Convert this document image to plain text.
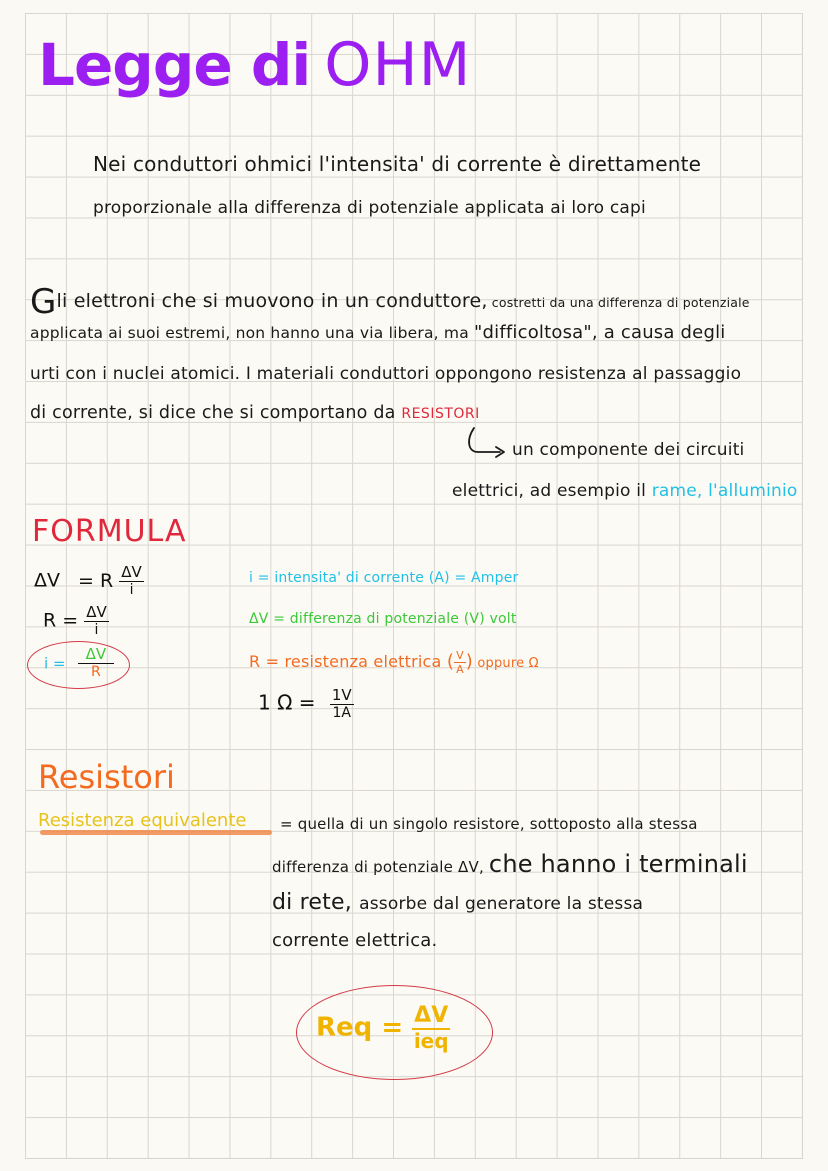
Legge di OHM
Nei conduttori ohmici l'intensita' di corrente è direttamente
proporzionale alla differenza di potenziale applicata ai loro capi
Gli elettroni che si muovono in un conduttore, costretti da una differenza di potenziale
applicata ai suoi estremi, non hanno una via libera, ma "difficoltosa", a causa degli
urti con i nuclei atomici. I materiali conduttori oppongono resistenza al passaggio
di corrente, si dice che si comportano da RESISTORI
un componente dei circuiti
elettrici, ad esempio il rame, l'alluminio
FORMULA
ΔV = R $\frac{\Delta V}{i}$
$R = \frac{\Delta V}{i}$
$i = \frac{\Delta V}{R}$
i = intensita' di corrente (A) = Amper
ΔV = differenza di potenziale (V) volt
R = resistenza elettrica ( $\frac{V}{A}$ ) oppure Ω
1 $\Omega = \frac{1V}{1A}$
Resistori
Resistenza equivalente = quella di un singolo resistore, sottoposto alla stessa
differenza di potenziale ΔV, che hanno i terminali
di rete, assorbe dal generatore la stessa
corrente elettrica.
Req = $\frac{\Delta V}{\text{ieq}}$
